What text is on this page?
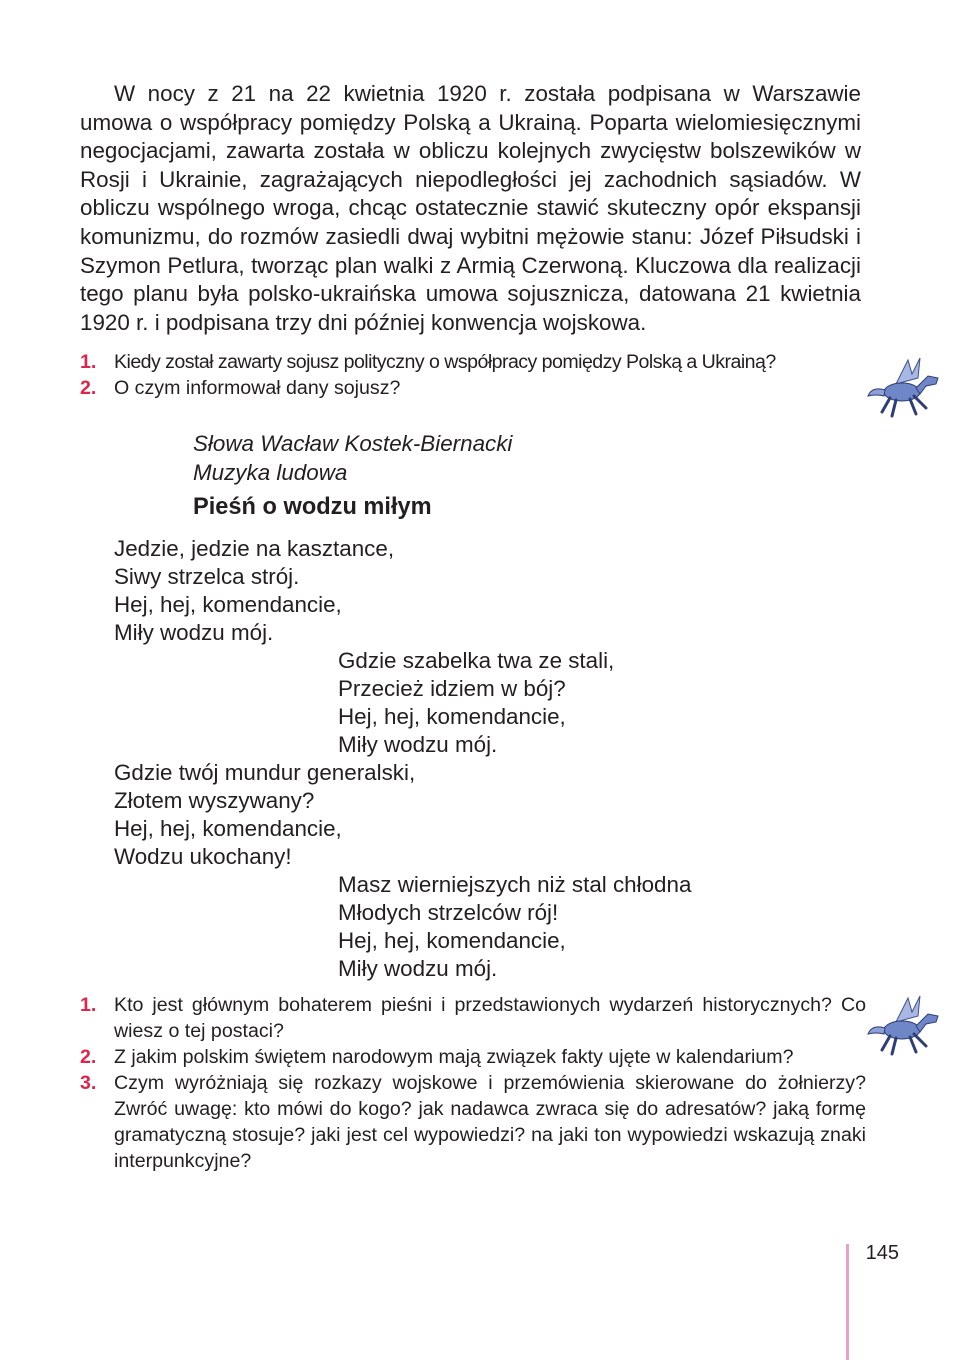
W nocy z 21 na 22 kwietnia 1920 r. została podpisana w Warszawie umowa o współpracy pomiędzy Polską a Ukrainą. Poparta wielomiesięcznymi negocjacjami, zawarta została w obliczu kolejnych zwycięstw bolszewików w Rosji i Ukrainie, zagrażających niepodległości jej zachodnich sąsiadów. W obliczu wspólnego wroga, chcąc ostatecznie stawić skuteczny opór ekspansji komunizmu, do rozmów zasiedli dwaj wybitni mężowie stanu: Józef Piłsudski i Szymon Petlura, tworząc plan walki z Armią Czerwoną. Kluczowa dla realizacji tego planu była polsko-ukraińska umowa sojusznicza, datowana 21 kwietnia 1920 r. i podpisana trzy dni później konwencja wojskowa.

1. Kiedy został zawarty sojusz polityczny o współpracy pomiędzy Polską a Ukrainą?
2. O czym informował dany sojusz?
Słowa Wacław Kostek-Biernacki
Muzyka ludowa
Pieśń o wodzu miłym
Jedzie, jedzie na kasztance,
Siwy strzelca strój.
Hej, hej, komendancie,
Miły wodzu mój.
Gdzie szabelka twa ze stali,
Przecież idziem w bój?
Hej, hej, komendancie,
Miły wodzu mój.
Gdzie twój mundur generalski,
Złotem wyszywany?
Hej, hej, komendancie,
Wodzu ukochany!
Masz wierniejszych niż stal chłodna
Młodych strzelców rój!
Hej, hej, komendancie,
Miły wodzu mój.
1. Kto jest głównym bohaterem pieśni i przedstawionych wydarzeń historycznych? Co wiesz o tej postaci?
2. Z jakim polskim świętem narodowym mają związek fakty ujęte w kalendarium?
3. Czym wyróżniają się rozkazy wojskowe i przemówienia skierowane do żołnierzy? Zwróć uwagę: kto mówi do kogo? jak nadawca zwraca się do adresatów? jaką formę gramatyczną stosuje? jaki jest cel wypowiedzi? na jaki ton wypowiedzi wskazują znaki interpunkcyjne?
145
